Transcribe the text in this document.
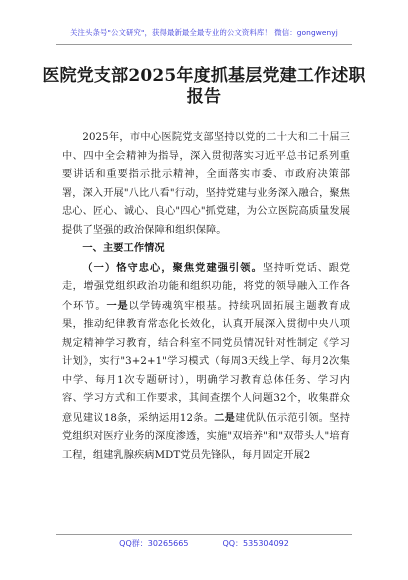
关注头条号"公文研究"，获得最新最全最专业的公文资料库！ 微信：gongwenyj
医院党支部2025年度抓基层党建工作述职报告

2025年，市中心医院党支部坚持以党的二十大和二十届三中、四中全会精神为指导，深入贯彻落实习近平总书记系列重要讲话和重要指示批示精神，全面落实市委、市政府决策部署，深入开展"八比八看"行动，坚持党建与业务深入融合，聚焦忠心、匠心、诚心、良心"四心"抓党建，为公立医院高质量发展提供了坚强的政治保障和组织保障。

一、主要工作情况

（一）恪守忠心，聚焦党建强引领。坚持听党话、跟党走，增强党组织政治功能和组织功能，将党的领导融入工作各个环节。一是以学铸魂筑牢根基。持续巩固拓展主题教育成果，推动纪律教育常态化长效化，认真开展深入贯彻中央八项规定精神学习教育，结合科室不同党员情况针对性制定《学习计划》，实行"3+2+1"学习模式（每周3天线上学、每月2次集中学、每月1次专题研讨），明确学习教育总体任务、学习内容、学习方式和工作要求，其间查摆个人问题32个，收集群众意见建议18条，采纳运用12条。二是建优队伍示范引领。坚持党组织对医疗业务的深度渗透，实施"双培养"和"双带头人"培育工程，组建乳腺疾病MDT党员先锋队，每月固定开展2

QQ群：30265665	QQ：535304092
